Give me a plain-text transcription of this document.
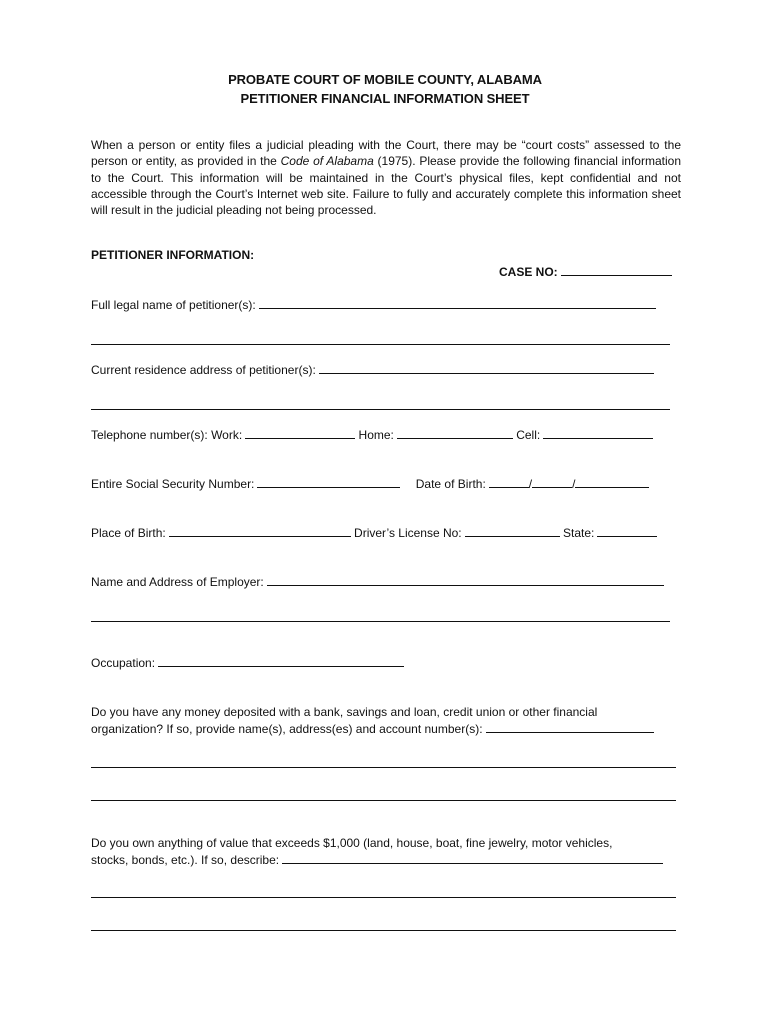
PROBATE COURT OF MOBILE COUNTY, ALABAMA
PETITIONER FINANCIAL INFORMATION SHEET
When a person or entity files a judicial pleading with the Court, there may be “court costs” assessed to the person or entity, as provided in the Code of Alabama (1975). Please provide the following financial information to the Court. This information will be maintained in the Court’s physical files, kept confidential and not accessible through the Court’s Internet web site. Failure to fully and accurately complete this information sheet will result in the judicial pleading not being processed.
PETITIONER INFORMATION:
CASE NO:
Full legal name of petitioner(s):
Current residence address of petitioner(s):
Telephone number(s): Work:	Home:	Cell:
Entire Social Security Number:	Date of Birth:	/	/
Place of Birth:	Driver’s License No:	State:
Name and Address of Employer:
Occupation:
Do you have any money deposited with a bank, savings and loan, credit union or other financial
organization? If so, provide name(s), address(es) and account number(s):
Do you own anything of value that exceeds $1,000 (land, house, boat, fine jewelry, motor vehicles,
stocks, bonds, etc.). If so, describe:
